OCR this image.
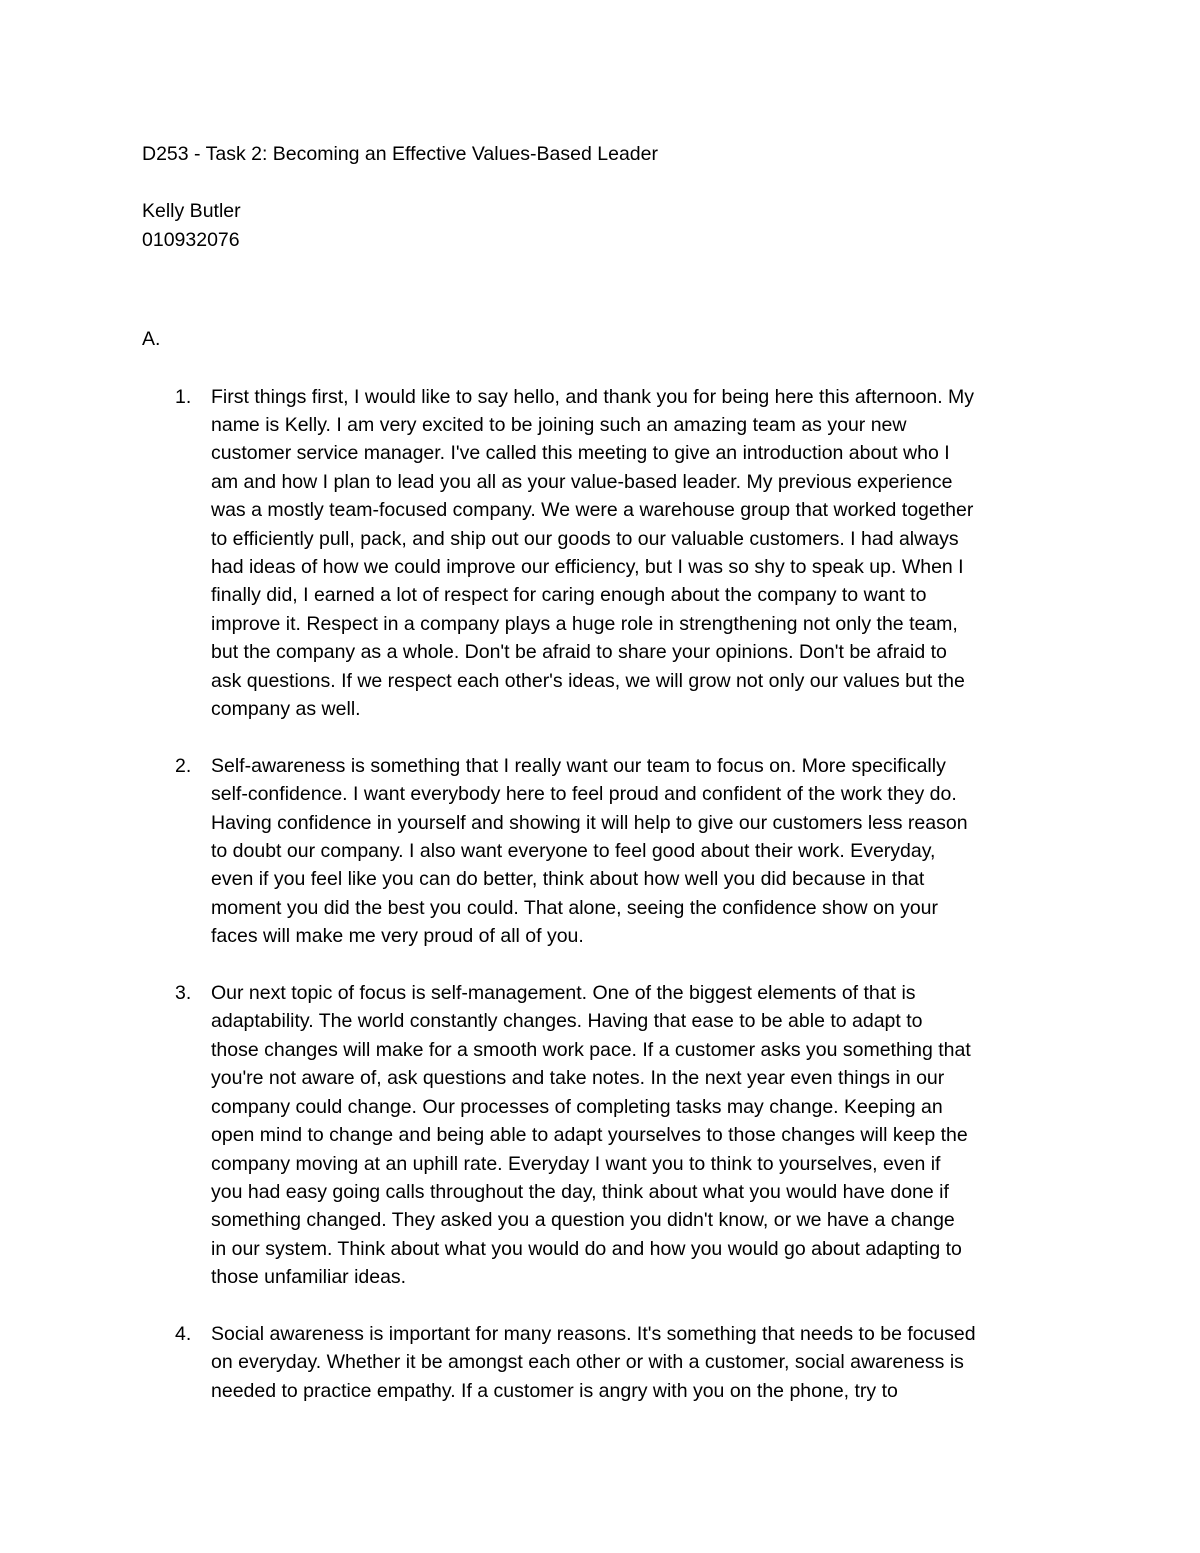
D253 - Task 2: Becoming an Effective Values-Based Leader
Kelly Butler
010932076
A.
1. First things first, I would like to say hello, and thank you for being here this afternoon. My
name is Kelly. I am very excited to be joining such an amazing team as your new
customer service manager. I've called this meeting to give an introduction about who I
am and how I plan to lead you all as your value-based leader. My previous experience
was a mostly team-focused company. We were a warehouse group that worked together
to efficiently pull, pack, and ship out our goods to our valuable customers. I had always
had ideas of how we could improve our efficiency, but I was so shy to speak up. When I
finally did, I earned a lot of respect for caring enough about the company to want to
improve it. Respect in a company plays a huge role in strengthening not only the team,
but the company as a whole. Don't be afraid to share your opinions. Don't be afraid to
ask questions. If we respect each other's ideas, we will grow not only our values but the
company as well.
2. Self-awareness is something that I really want our team to focus on. More specifically
self-confidence. I want everybody here to feel proud and confident of the work they do.
Having confidence in yourself and showing it will help to give our customers less reason
to doubt our company. I also want everyone to feel good about their work. Everyday,
even if you feel like you can do better, think about how well you did because in that
moment you did the best you could. That alone, seeing the confidence show on your
faces will make me very proud of all of you.
3. Our next topic of focus is self-management. One of the biggest elements of that is
adaptability. The world constantly changes. Having that ease to be able to adapt to
those changes will make for a smooth work pace. If a customer asks you something that
you're not aware of, ask questions and take notes. In the next year even things in our
company could change. Our processes of completing tasks may change. Keeping an
open mind to change and being able to adapt yourselves to those changes will keep the
company moving at an uphill rate. Everyday I want you to think to yourselves, even if
you had easy going calls throughout the day, think about what you would have done if
something changed. They asked you a question you didn't know, or we have a change
in our system. Think about what you would do and how you would go about adapting to
those unfamiliar ideas.
4. Social awareness is important for many reasons. It's something that needs to be focused
on everyday. Whether it be amongst each other or with a customer, social awareness is
needed to practice empathy. If a customer is angry with you on the phone, try to
